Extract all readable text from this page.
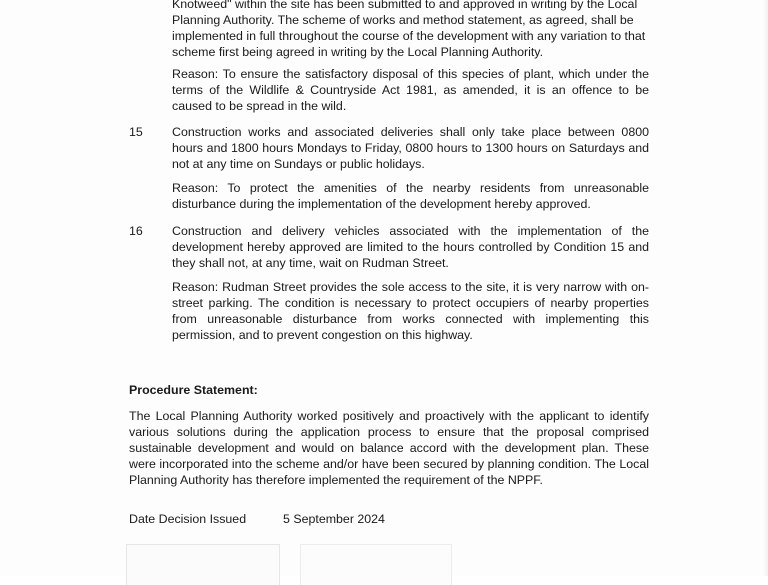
Knotweed" within the site has been submitted to and approved in writing by the Local
Planning Authority. The scheme of works and method statement, as agreed, shall be
implemented in full throughout the course of the development with any variation to that
scheme first being agreed in writing by the Local Planning Authority.

Reason: To ensure the satisfactory disposal of this species of plant, which under the terms of the Wildlife & Countryside Act 1981, as amended, it is an offence to be caused to be spread in the wild.

15 Construction works and associated deliveries shall only take place between 0800 hours and 1800 hours Mondays to Friday, 0800 hours to 1300 hours on Saturdays and not at any time on Sundays or public holidays.

Reason: To protect the amenities of the nearby residents from unreasonable disturbance during the implementation of the development hereby approved.

16 Construction and delivery vehicles associated with the implementation of the development hereby approved are limited to the hours controlled by Condition 15 and they shall not, at any time, wait on Rudman Street.

Reason: Rudman Street provides the sole access to the site, it is very narrow with on-street parking. The condition is necessary to protect occupiers of nearby properties from unreasonable disturbance from works connected with implementing this permission, and to prevent congestion on this highway.

Procedure Statement:

The Local Planning Authority worked positively and proactively with the applicant to identify various solutions during the application process to ensure that the proposal comprised sustainable development and would on balance accord with the development plan. These were incorporated into the scheme and/or have been secured by planning condition. The Local Planning Authority has therefore implemented the requirement of the NPPF.

Date Decision Issued	5 September 2024
